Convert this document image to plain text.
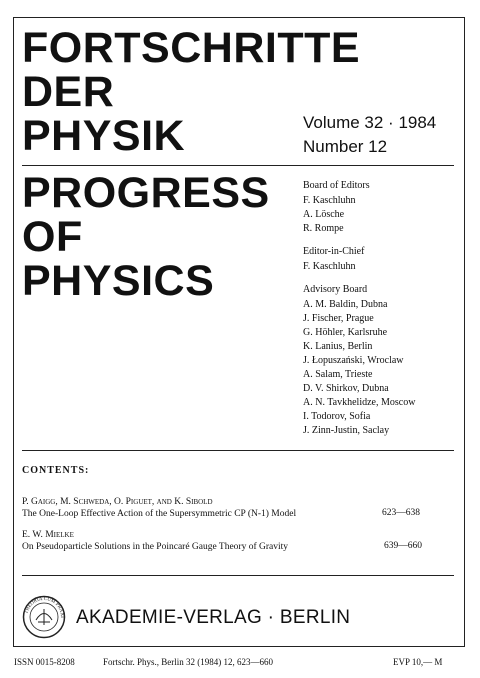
FORTSCHRITTE
DER
PHYSIK	Volume 32 · 1984
Number 12
PROGRESS
OF
PHYSICS
Board of Editors
F. Kaschluhn
A. Lösche
R. Rompe
Editor-in-Chief
F. Kaschluhn
Advisory Board
A. M. Baldin, Dubna
J. Fischer, Prague
G. Höhler, Karlsruhe
K. Lanius, Berlin
J. Łopuszański, Wroclaw
A. Salam, Trieste
D. V. Shirkov, Dubna
A. N. Tavkhelidze, Moscow
I. Todorov, Sofia
J. Zinn-Justin, Saclay
CONTENTS:
P. Gaigg, M. Schweda, O. Piguet, and K. Sibold
The One-Loop Effective Action of the Supersymmetric CP (N-1) Model	623—638
E. W. Mielke
On Pseudoparticle Solutions in the Poincaré Gauge Theory of Gravity	639—660
THEORIA CUM PRAXI AKADEMIE-VERLAG · BERLIN
ISSN 0015-8208	Fortschr. Phys., Berlin 32 (1984) 12, 623—660	EVP 10,— M
